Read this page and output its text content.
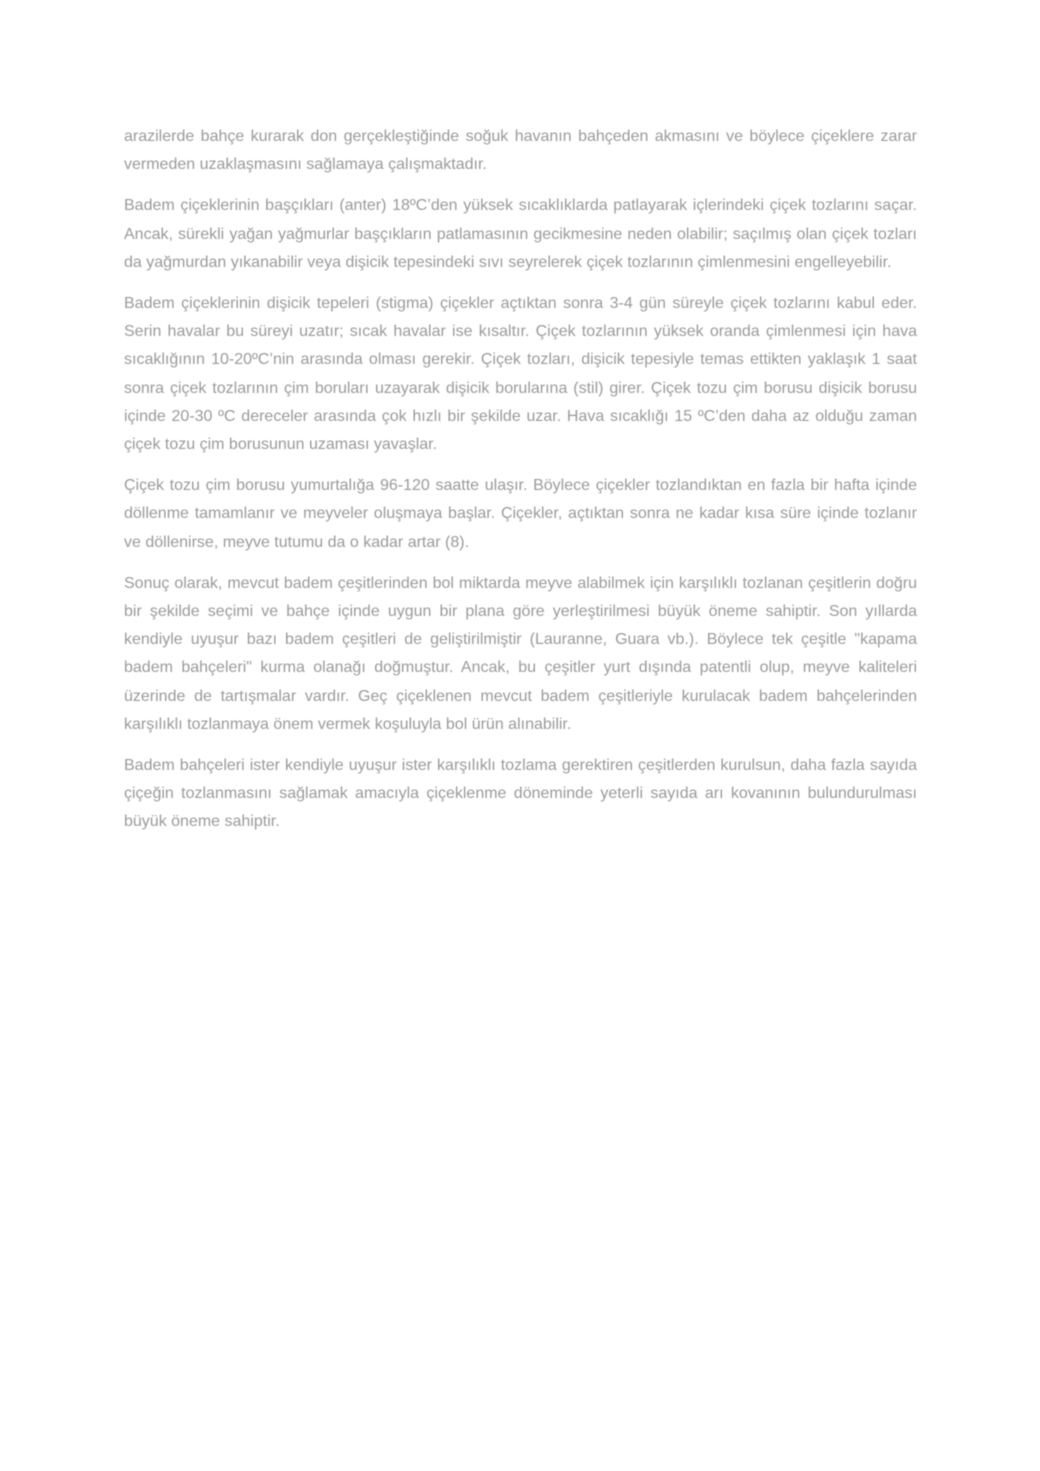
arazilerde bahçe kurarak don gerçekleştiğinde soğuk havanın bahçeden akmasını ve böylece çiçeklere zarar vermeden uzaklaşmasını sağlamaya çalışmaktadır.

Badem çiçeklerinin başçıkları (anter) 18ºC’den yüksek sıcaklıklarda patlayarak içlerindeki çiçek tozlarını saçar. Ancak, sürekli yağan yağmurlar başçıkların patlamasının gecikmesine neden olabilir; saçılmış olan çiçek tozları da yağmurdan yıkanabilir veya dişicik tepesindeki sıvı seyrelerek çiçek tozlarının çimlenmesini engelleyebilir.

Badem çiçeklerinin dişicik tepeleri (stigma) çiçekler açtıktan sonra 3-4 gün süreyle çiçek tozlarını kabul eder. Serin havalar bu süreyi uzatır; sıcak havalar ise kısaltır. Çiçek tozlarının yüksek oranda çimlenmesi için hava sıcaklığının 10-20ºC’nin arasında olması gerekir. Çiçek tozları, dişicik tepesiyle temas ettikten yaklaşık 1 saat sonra çiçek tozlarının çim boruları uzayarak dişicik borularına (stil) girer. Çiçek tozu çim borusu dişicik borusu içinde 20-30 ºC dereceler arasında çok hızlı bir şekilde uzar. Hava sıcaklığı 15 ºC’den daha az olduğu zaman çiçek tozu çim borusunun uzaması yavaşlar.

Çiçek tozu çim borusu yumurtalığa 96-120 saatte ulaşır. Böylece çiçekler tozlandıktan en fazla bir hafta içinde döllenme tamamlanır ve meyveler oluşmaya başlar. Çiçekler, açtıktan sonra ne kadar kısa süre içinde tozlanır ve döllenirse, meyve tutumu da o kadar artar (8).

Sonuç olarak, mevcut badem çeşitlerinden bol miktarda meyve alabilmek için karşılıklı tozlanan çeşitlerin doğru bir şekilde seçimi ve bahçe içinde uygun bir plana göre yerleştirilmesi büyük öneme sahiptir. Son yıllarda kendiyle uyuşur bazı badem çeşitleri de geliştirilmiştir (Lauranne, Guara vb.). Böylece tek çeşitle "kapama badem bahçeleri" kurma olanağı doğmuştur. Ancak, bu çeşitler yurt dışında patentli olup, meyve kaliteleri üzerinde de tartışmalar vardır. Geç çiçeklenen mevcut badem çeşitleriyle kurulacak badem bahçelerinden karşılıklı tozlanmaya önem vermek koşuluyla bol ürün alınabilir.

Badem bahçeleri ister kendiyle uyuşur ister karşılıklı tozlama gerektiren çeşitlerden kurulsun, daha fazla sayıda çiçeğin tozlanmasını sağlamak amacıyla çiçeklenme döneminde yeterli sayıda arı kovanının bulundurulması büyük öneme sahiptir.
